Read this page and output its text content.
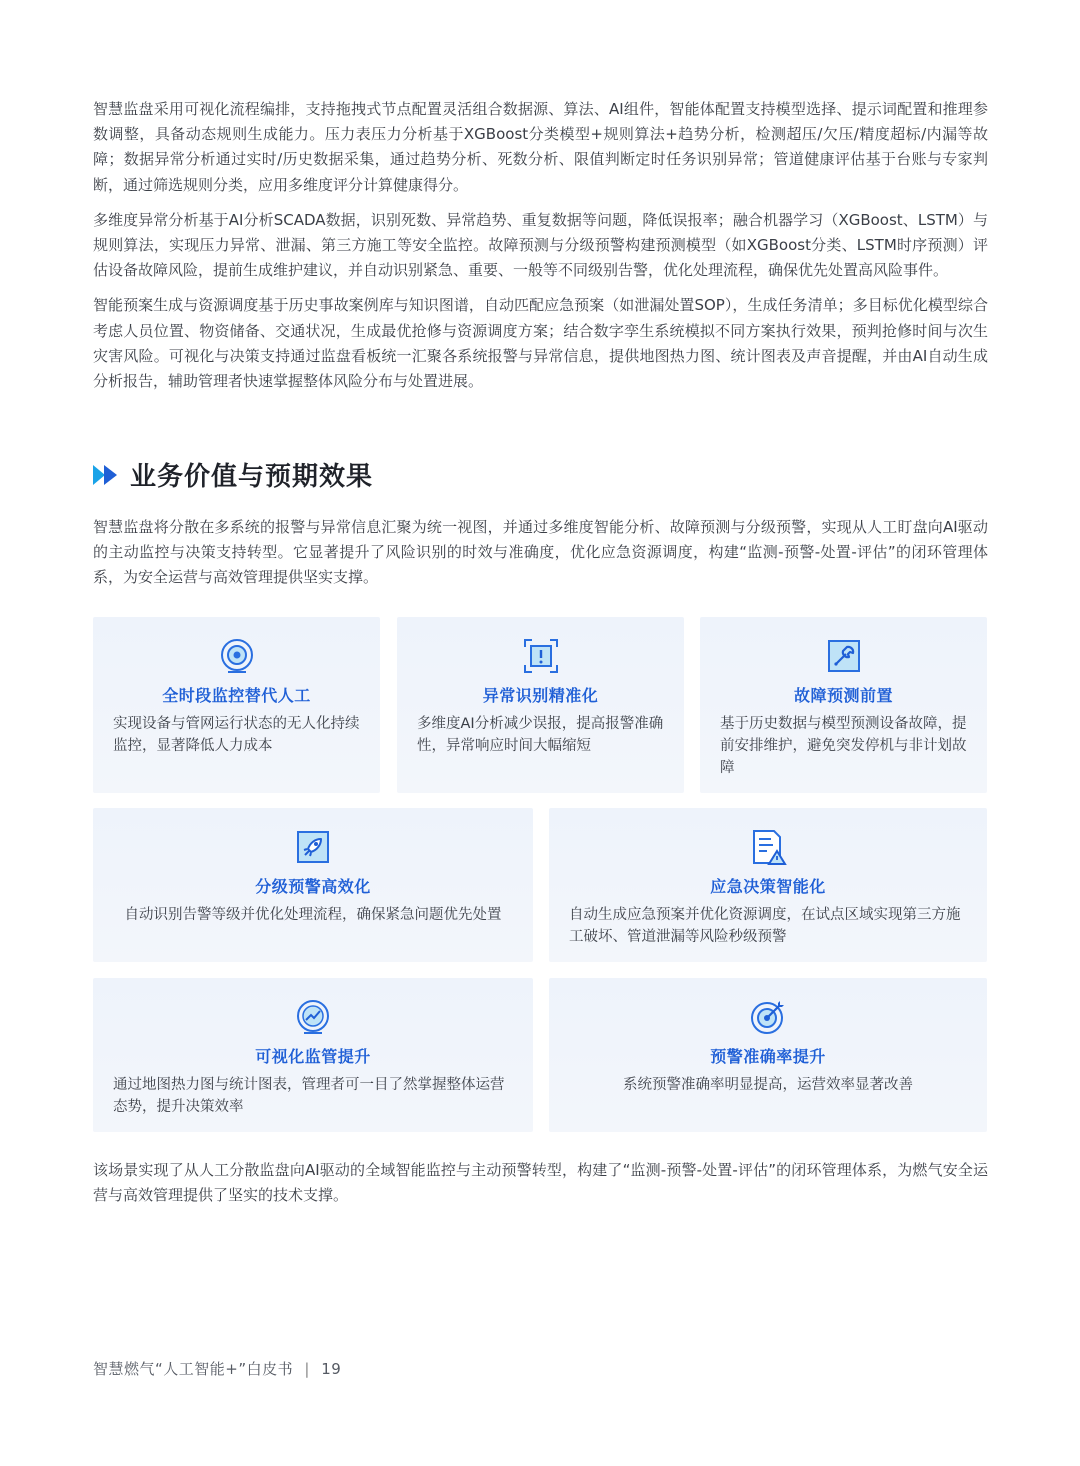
智慧监盘采用可视化流程编排，支持拖拽式节点配置灵活组合数据源、算法、AI组件，智能体配置支持模型选择、提示词配置和推理参数调整，具备动态规则生成能力。压力表压力分析基于XGBoost分类模型+规则算法+趋势分析，检测超压/欠压/精度超标/内漏等故障；数据异常分析通过实时/历史数据采集，通过趋势分析、死数分析、限值判断定时任务识别异常；管道健康评估基于台账与专家判断，通过筛选规则分类，应用多维度评分计算健康得分。

多维度异常分析基于AI分析SCADA数据，识别死数、异常趋势、重复数据等问题，降低误报率；融合机器学习（XGBoost、LSTM）与规则算法，实现压力异常、泄漏、第三方施工等安全监控。故障预测与分级预警构建预测模型（如XGBoost分类、LSTM时序预测）评估设备故障风险，提前生成维护建议，并自动识别紧急、重要、一般等不同级别告警，优化处理流程，确保优先处置高风险事件。

智能预案生成与资源调度基于历史事故案例库与知识图谱，自动匹配应急预案（如泄漏处置SOP），生成任务清单；多目标优化模型综合考虑人员位置、物资储备、交通状况，生成最优抢修与资源调度方案；结合数字孪生系统模拟不同方案执行效果，预判抢修时间与次生灾害风险。可视化与决策支持通过监盘看板统一汇聚各系统报警与异常信息，提供地图热力图、统计图表及声音提醒，并由AI自动生成分析报告，辅助管理者快速掌握整体风险分布与处置进展。

业务价值与预期效果
智慧监盘将分散在多系统的报警与异常信息汇聚为统一视图，并通过多维度智能分析、故障预测与分级预警，实现从人工盯盘向AI驱动的主动监控与决策支持转型。它显著提升了风险识别的时效与准确度，优化应急资源调度，构建“监测-预警-处置-评估”的闭环管理体系，为安全运营与高效管理提供坚实支撑。
全时段监控替代人工
实现设备与管网运行状态的无人化持续监控，显著降低人力成本
异常识别精准化
多维度AI分析减少误报，提高报警准确性，异常响应时间大幅缩短
故障预测前置
基于历史数据与模型预测设备故障，提前安排维护，避免突发停机与非计划故障
分级预警高效化
自动识别告警等级并优化处理流程，确保紧急问题优先处置
应急决策智能化
自动生成应急预案并优化资源调度，在试点区域实现第三方施工破坏、管道泄漏等风险秒级预警
可视化监管提升
通过地图热力图与统计图表，管理者可一目了然掌握整体运营态势，提升决策效率
预警准确率提升
系统预警准确率明显提高，运营效率显著改善
该场景实现了从人工分散监盘向AI驱动的全域智能监控与主动预警转型，构建了“监测-预警-处置-评估”的闭环管理体系，为燃气安全运营与高效管理提供了坚实的技术支撑。
智慧燃气“人工智能+”白皮书 | 19
